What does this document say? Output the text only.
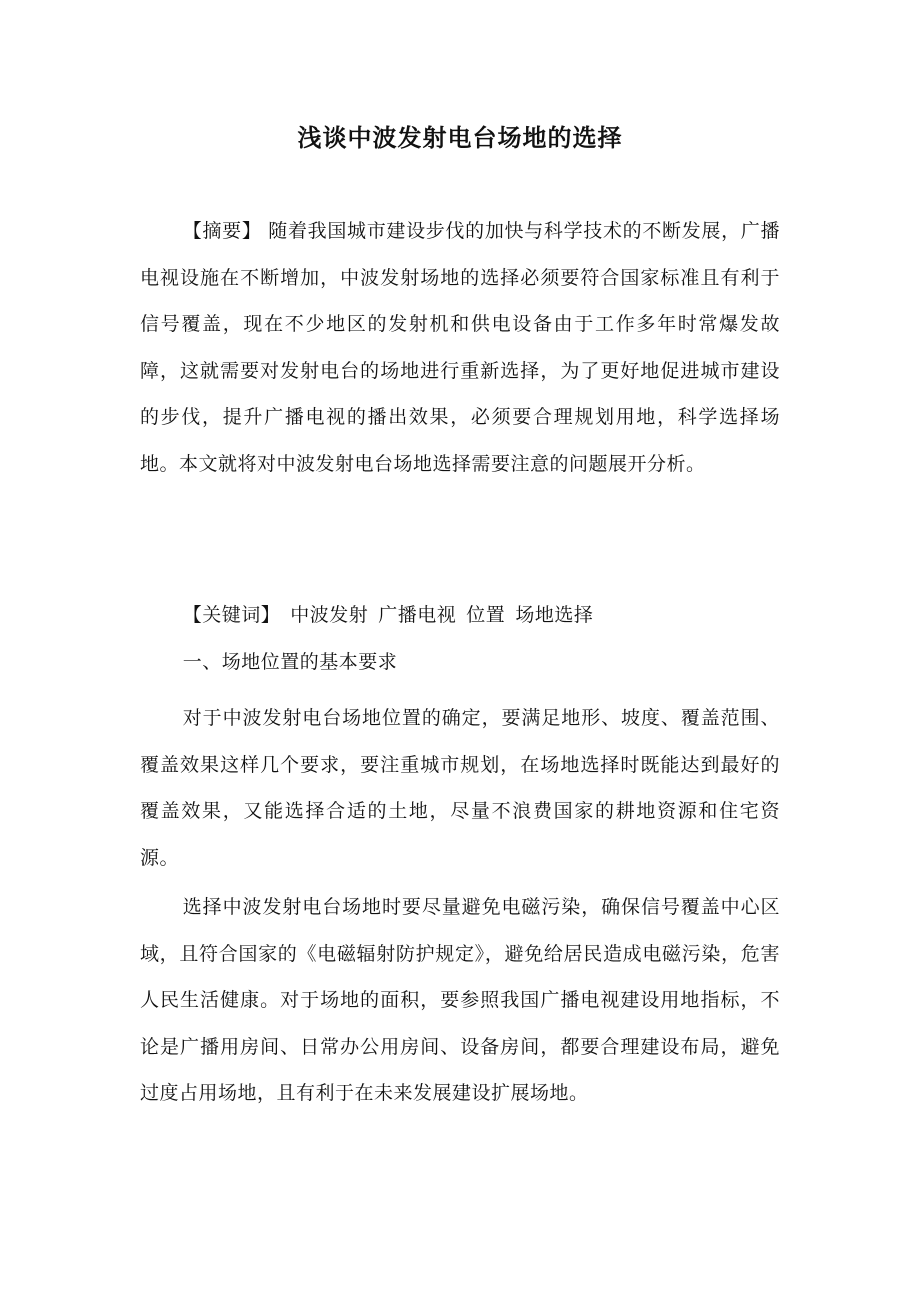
浅谈中波发射电台场地的选择
【摘要】 随着我国城市建设步伐的加快与科学技术的不断发展，广播电视设施在不断增加，中波发射场地的选择必须要符合国家标准且有利于信号覆盖，现在不少地区的发射机和供电设备由于工作多年时常爆发故障，这就需要对发射电台的场地进行重新选择，为了更好地促进城市建设的步伐，提升广播电视的播出效果，必须要合理规划用地，科学选择场地。本文就将对中波发射电台场地选择需要注意的问题展开分析。
【关键词】 中波发射 广播电视 位置 场地选择
一、场地位置的基本要求
对于中波发射电台场地位置的确定，要满足地形、坡度、覆盖范围、覆盖效果这样几个要求，要注重城市规划，在场地选择时既能达到最好的覆盖效果，又能选择合适的土地，尽量不浪费国家的耕地资源和住宅资源。
选择中波发射电台场地时要尽量避免电磁污染，确保信号覆盖中心区域，且符合国家的《电磁辐射防护规定》，避免给居民造成电磁污染，危害人民生活健康。对于场地的面积，要参照我国广播电视建设用地指标，不论是广播用房间、日常办公用房间、设备房间，都要合理建设布局，避免过度占用场地，且有利于在未来发展建设扩展场地。
